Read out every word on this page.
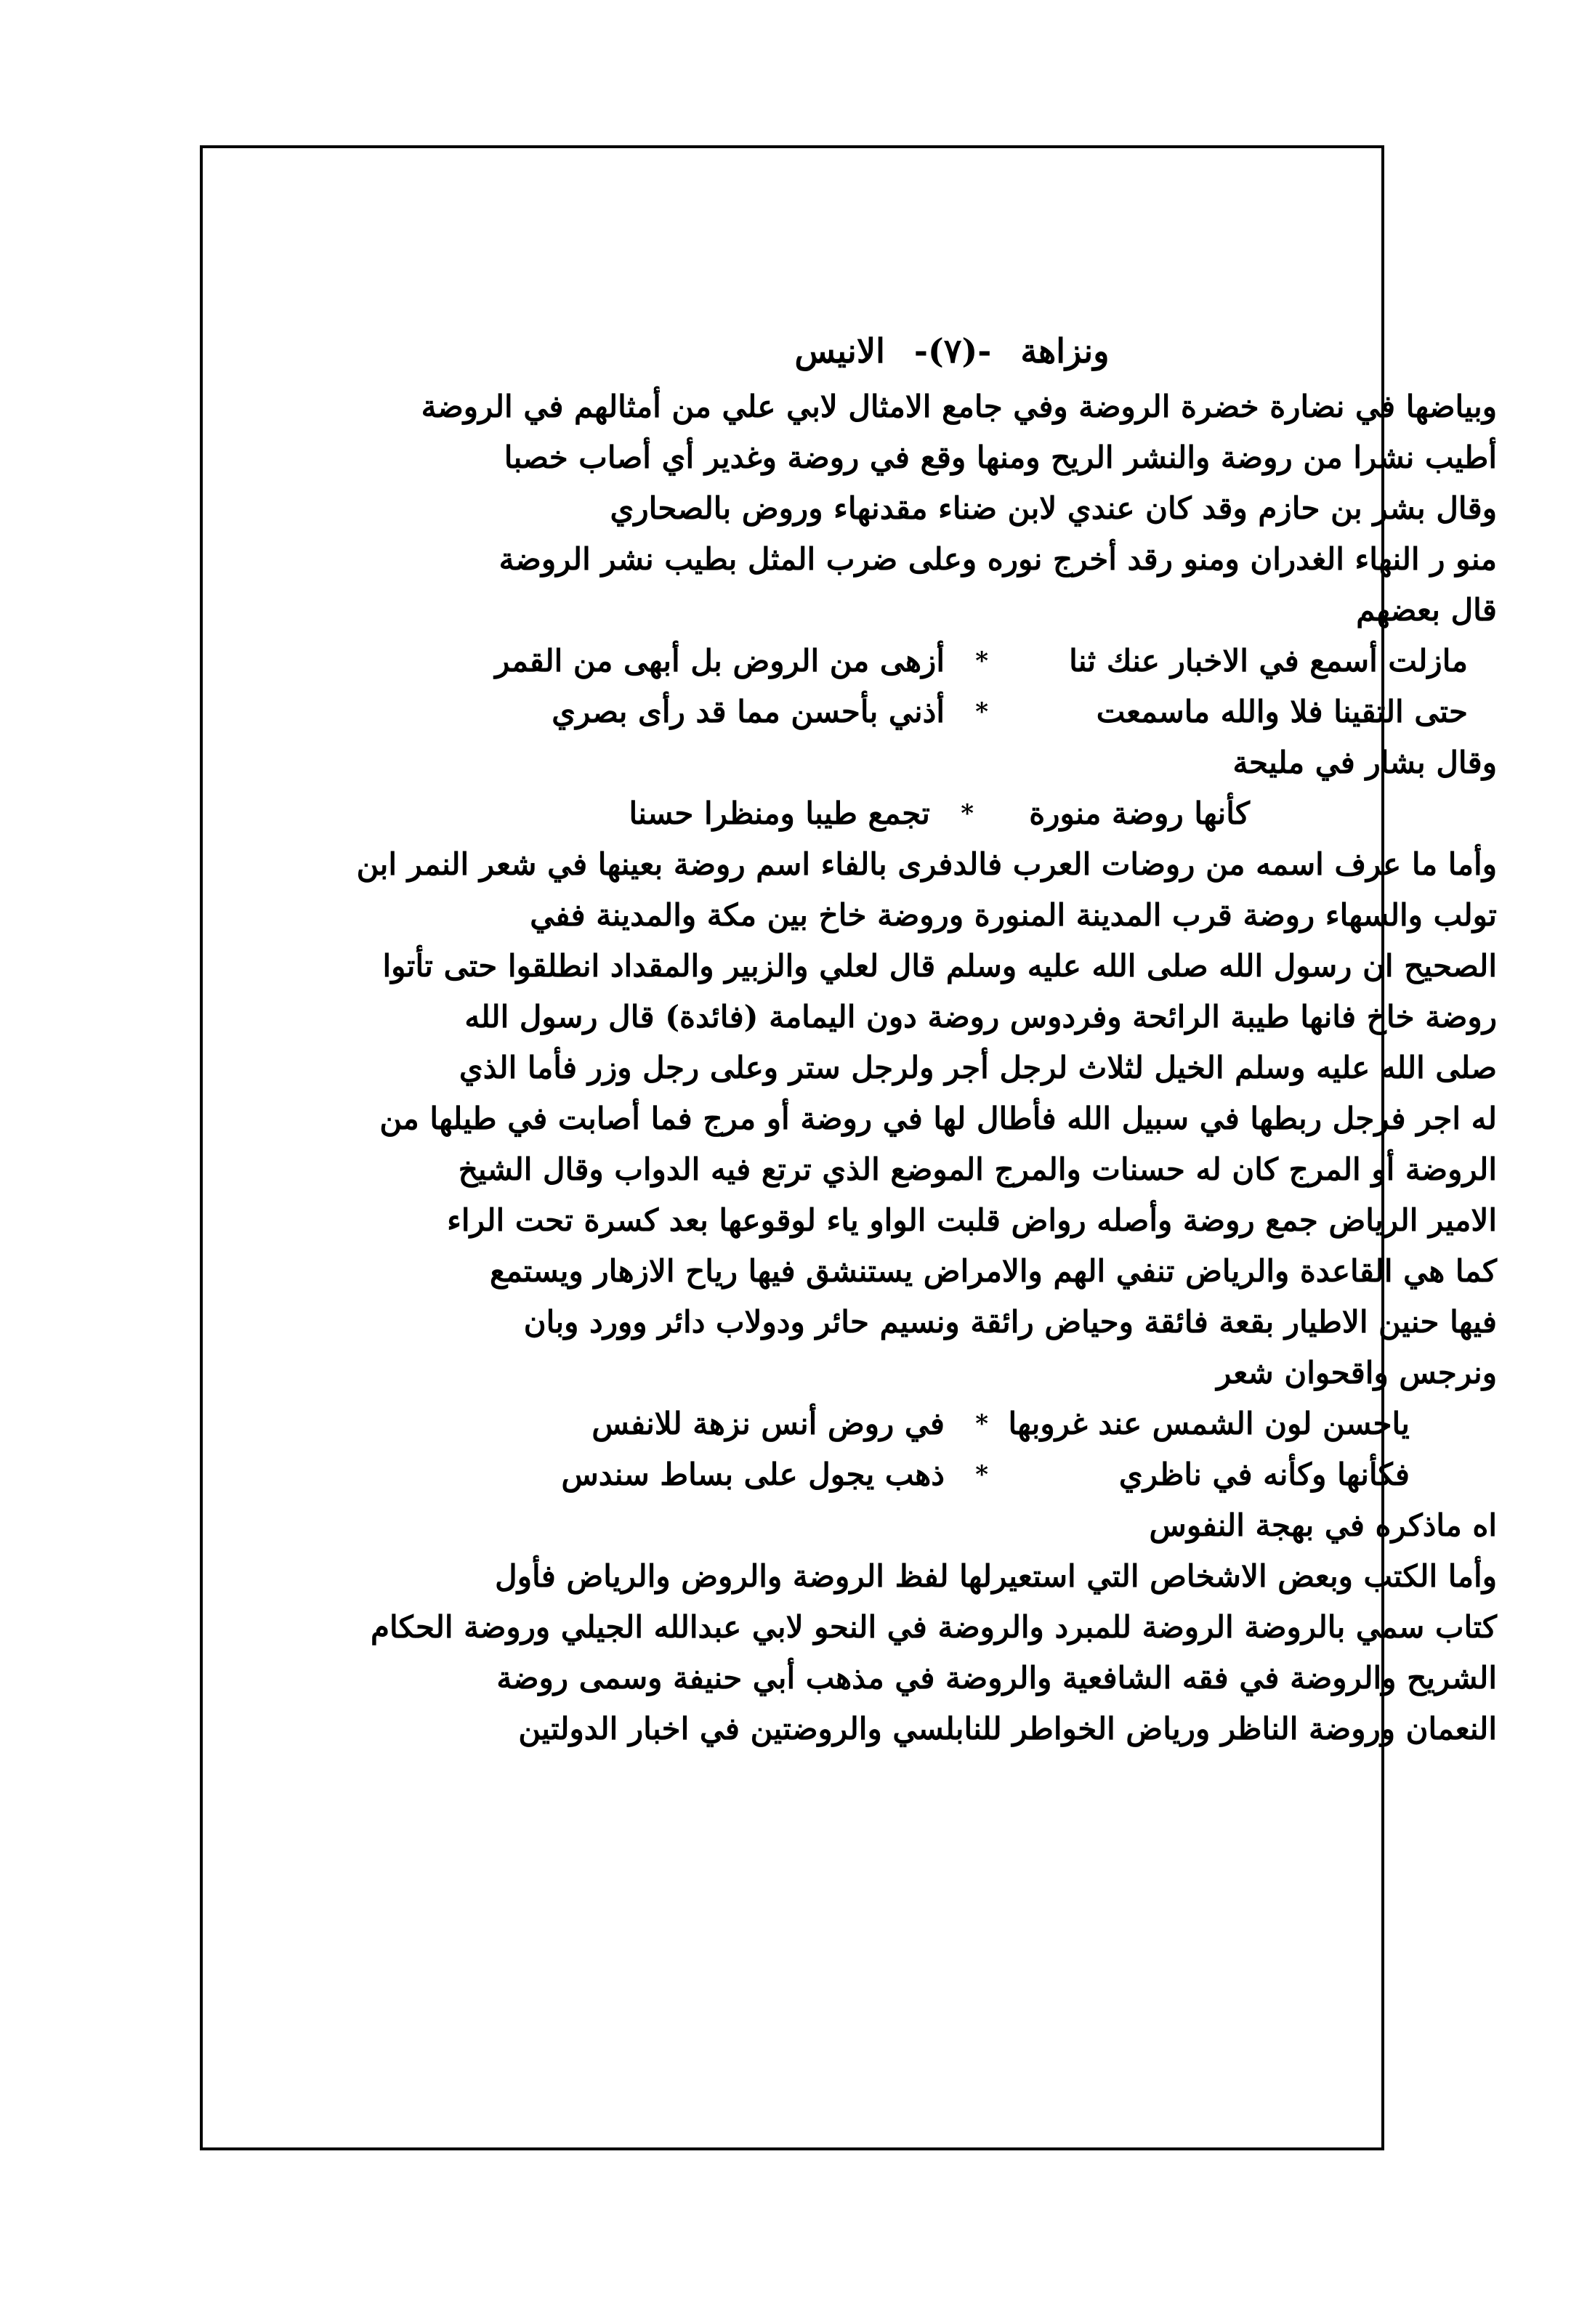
ونزاهة -(٧)- الانيس
وبياضها في نضارة خضرة الروضة وفي جامع الامثال لابي علي من أمثالهم في الروضة
أطيب نشرا من روضة والنشر الريح ومنها وقع في روضة وغدير أي أصاب خصبا
وقال بشر بن حازم وقد كان عندي لابن ضناء مقدنهاء وروض بالصحاري
منو ر النهاء الغدران ومنو رقد أخرج نوره وعلى ضرب المثل بطيب نشر الروضة
قال بعضهم
مازلت أسمع في الاخبار عنك ثنا
*
أزهى من الروض بل أبهى من القمر
حتى التقينا فلا والله ماسمعت
*
أذني بأحسن مما قد رأى بصري
وقال بشار في مليحة
كأنها روضة منورة
*
تجمع طيبا ومنظرا حسنا
وأما ما عرف اسمه من روضات العرب فالدفرى بالفاء اسم روضة بعينها في شعر النمر ابن
تولب والسهاء روضة قرب المدينة المنورة وروضة خاخ بين مكة والمدينة ففي
الصحيح ان رسول الله صلى الله عليه وسلم قال لعلي والزبير والمقداد انطلقوا حتى تأتوا
روضة خاخ فانها طيبة الرائحة وفردوس روضة دون اليمامة (فائدة) قال رسول الله
صلى الله عليه وسلم الخيل لثلاث لرجل أجر ولرجل ستر وعلى رجل وزر فأما الذي
له اجر فرجل ربطها في سبيل الله فأطال لها في روضة أو مرج فما أصابت في طيلها من
الروضة أو المرج كان له حسنات والمرج الموضع الذي ترتع فيه الدواب وقال الشيخ
الامير الرياض جمع روضة وأصله رواض قلبت الواو ياء لوقوعها بعد كسرة تحت الراء
كما هي القاعدة والرياض تنفي الهم والامراض يستنشق فيها رياح الازهار ويستمع
فيها حنين الاطيار بقعة فائقة وحياض رائقة ونسيم حائر ودولاب دائر وورد وبان
ونرجس واقحوان شعر
ياحسن لون الشمس عند غروبها
*
في روض أنس نزهة للانفس
فكأنها وكأنه في ناظري
*
ذهب يجول على بساط سندس
اه ماذكره في بهجة النفوس
وأما الكتب وبعض الاشخاص التي استعيرلها لفظ الروضة والروض والرياض فأول
كتاب سمي بالروضة الروضة للمبرد والروضة في النحو لابي عبدالله الجيلي وروضة الحكام
الشريح والروضة في فقه الشافعية والروضة في مذهب أبي حنيفة وسمى روضة
النعمان وروضة الناظر ورياض الخواطر للنابلسي والروضتين في اخبار الدولتين
